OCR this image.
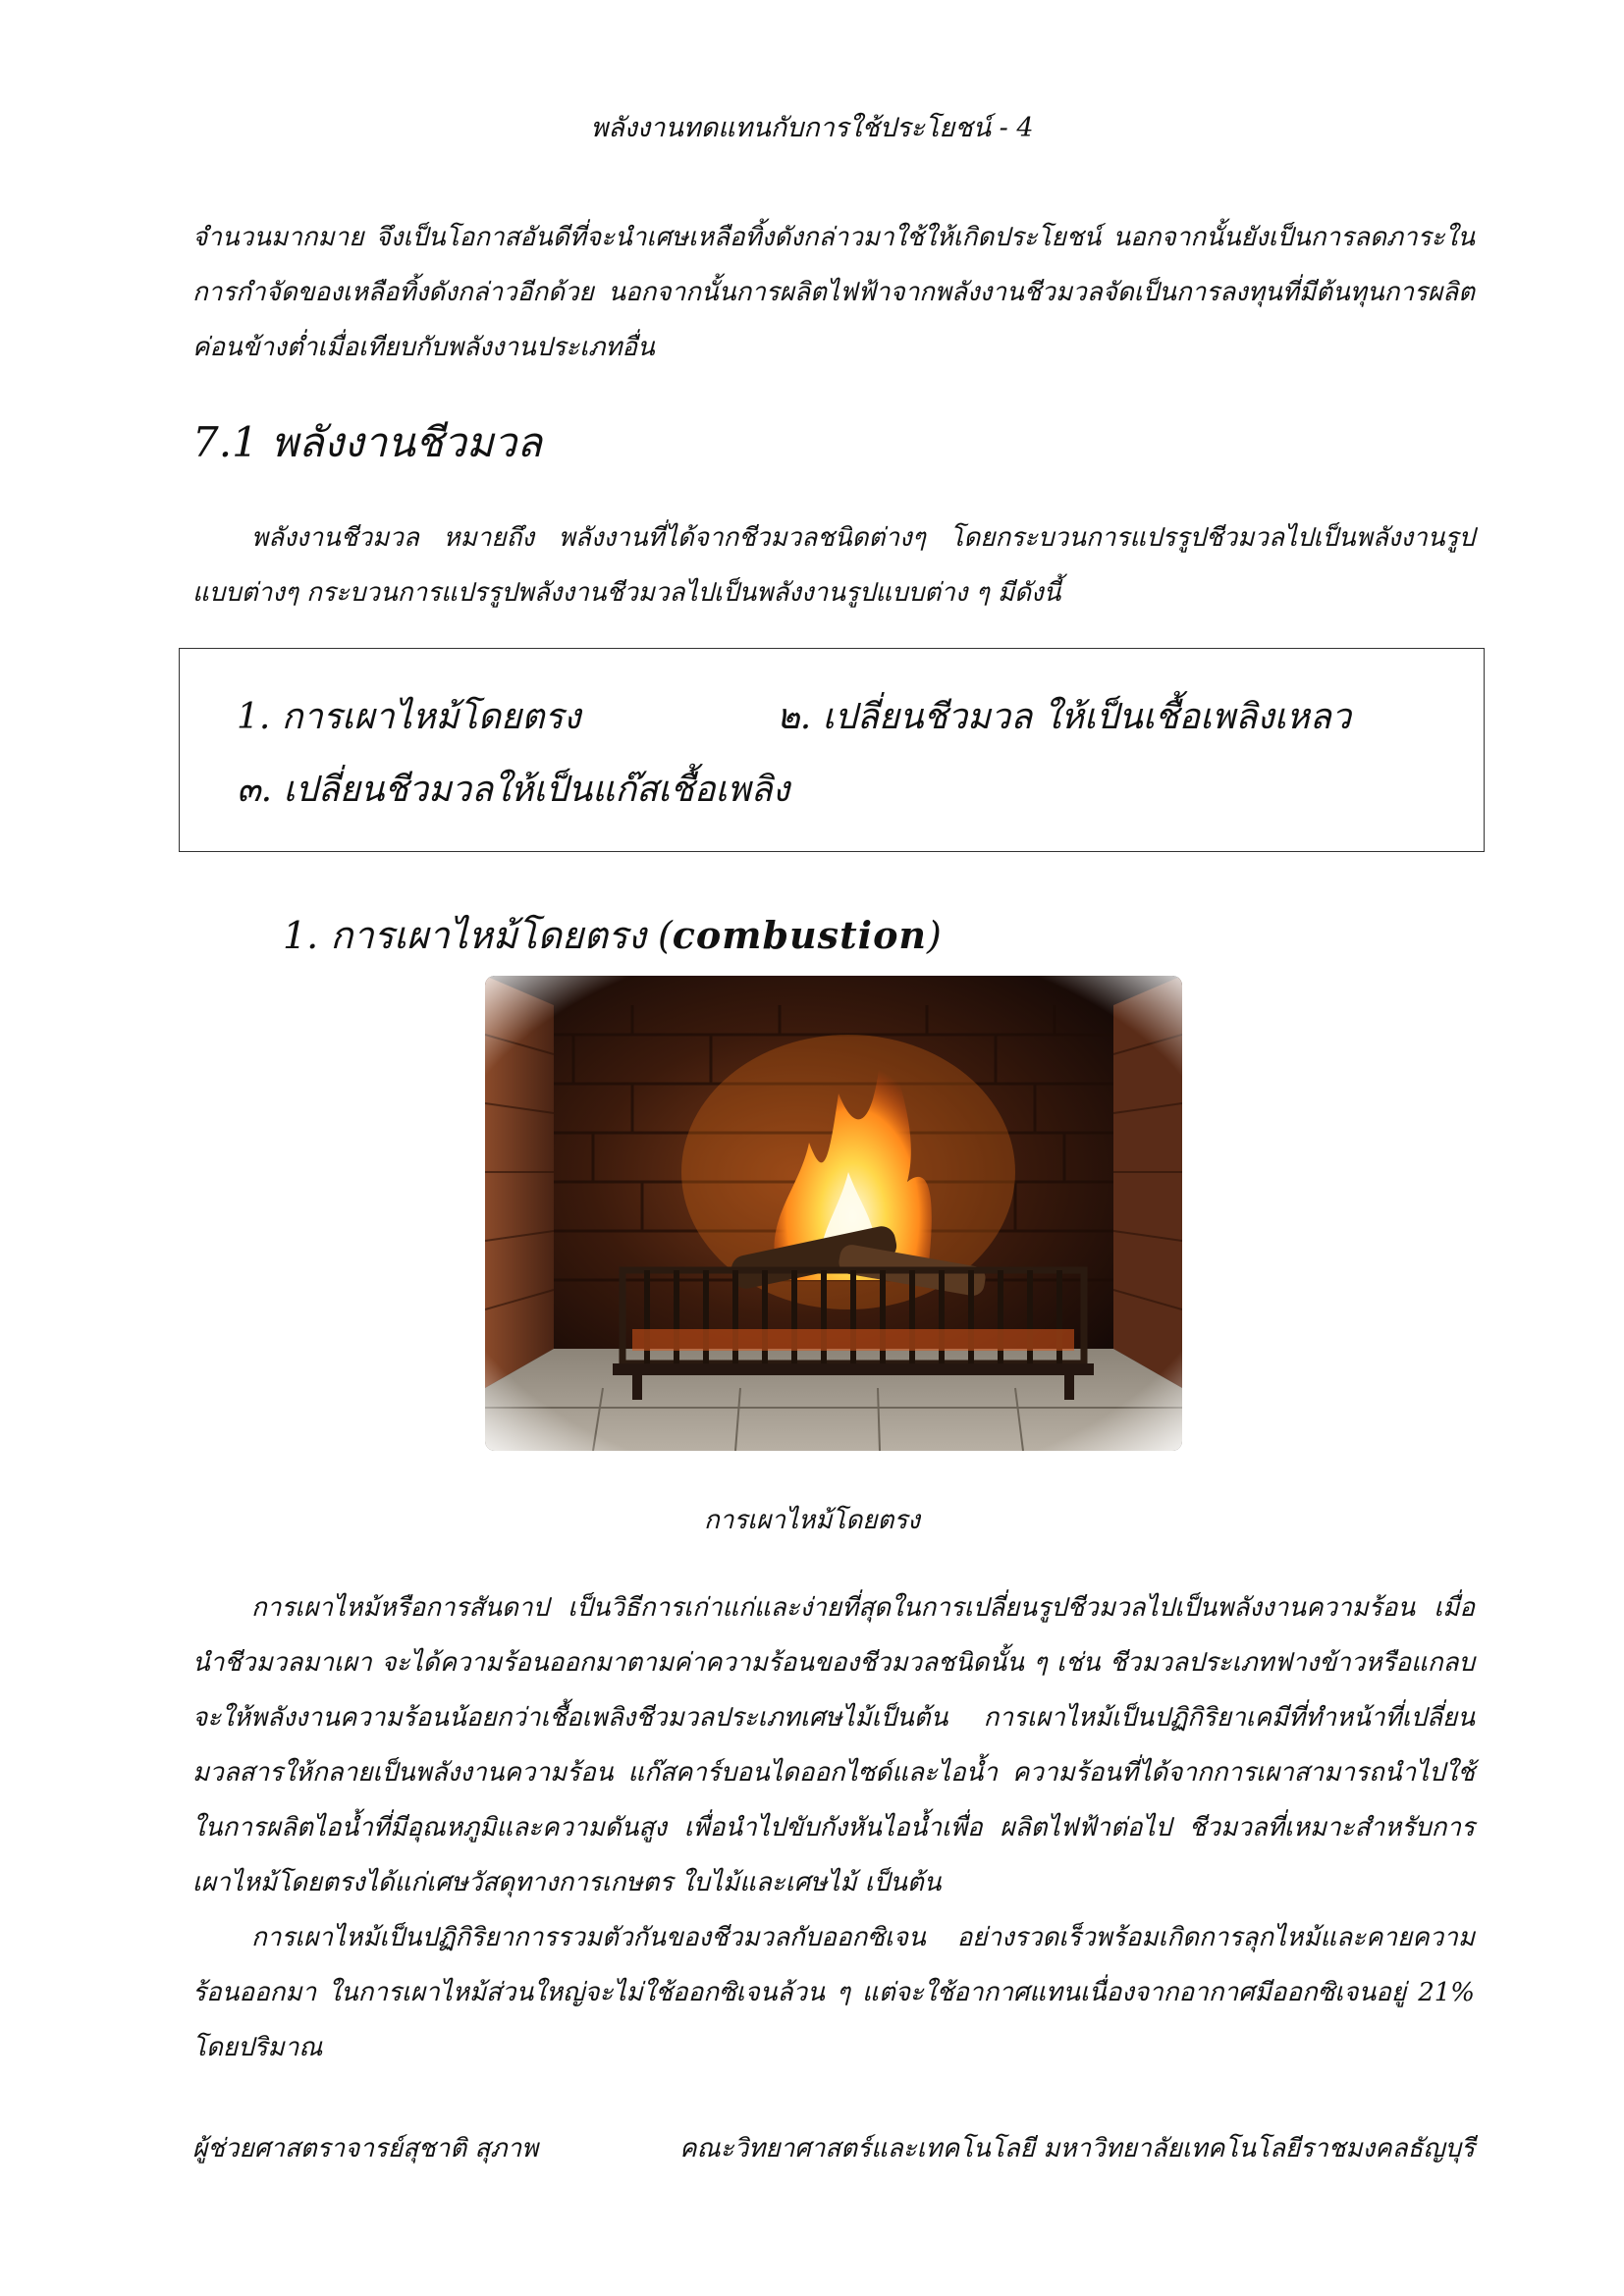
พลังงานทดแทนกับการใช้ประโยชน์ - 4

จำนวนมากมาย จึงเป็นโอกาสอันดีที่จะนำเศษเหลือทิ้งดังกล่าวมาใช้ให้เกิดประโยชน์ นอกจากนั้นยังเป็นการลดภาระในการกำจัดของเหลือทิ้งดังกล่าวอีกด้วย นอกจากนั้นการผลิตไฟฟ้าจากพลังงานชีวมวลจัดเป็นการลงทุนที่มีต้นทุนการผลิตค่อนข้างต่ำเมื่อเทียบกับพลังงานประเภทอื่น

7.1 พลังงานชีวมวล

พลังงานชีวมวล หมายถึง พลังงานที่ได้จากชีวมวลชนิดต่างๆ โดยกระบวนการแปรรูปชีวมวลไปเป็นพลังงานรูปแบบต่างๆ กระบวนการแปรรูปพลังงานชีวมวลไปเป็นพลังงานรูปแบบต่าง ๆ มีดังนี้

1. การเผาไหม้โดยตรง	๒. เปลี่ยนชีวมวล ให้เป็นเชื้อเพลิงเหลว
๓. เปลี่ยนชีวมวลให้เป็นแก๊สเชื้อเพลิง
1. การเผาไหม้โดยตรง (combustion)
การเผาไหม้โดยตรง

การเผาไหม้หรือการสันดาป เป็นวิธีการเก่าแก่และง่ายที่สุดในการเปลี่ยนรูปชีวมวลไปเป็นพลังงานความร้อน เมื่อนำชีวมวลมาเผา จะได้ความร้อนออกมาตามค่าความร้อนของชีวมวลชนิดนั้น ๆ เช่น ชีวมวลประเภทฟางข้าวหรือแกลบจะให้พลังงานความร้อนน้อยกว่าเชื้อเพลิงชีวมวลประเภทเศษไม้เป็นต้น การเผาไหม้เป็นปฏิกิริยาเคมีที่ทำหน้าที่เปลี่ยนมวลสารให้กลายเป็นพลังงานความร้อน แก๊สคาร์บอนไดออกไซด์และไอน้ำ ความร้อนที่ได้จากการเผาสามารถนำไปใช้ในการผลิตไอน้ำที่มีอุณหภูมิและความดันสูง เพื่อนำไปขับกังหันไอน้ำเพื่อ ผลิตไฟฟ้าต่อไป ชีวมวลที่เหมาะสำหรับการเผาไหม้โดยตรงได้แก่เศษวัสดุทางการเกษตร ใบไม้และเศษไม้ เป็นต้น

การเผาไหม้เป็นปฏิกิริยาการรวมตัวกันของชีวมวลกับออกซิเจน อย่างรวดเร็วพร้อมเกิดการลุกไหม้และคายความร้อนออกมา ในการเผาไหม้ส่วนใหญ่จะไม่ใช้ออกซิเจนล้วน ๆ แต่จะใช้อากาศแทนเนื่องจากอากาศมีออกซิเจนอยู่ 21% โดยปริมาณ

ผู้ช่วยศาสตราจารย์สุชาติ สุภาพ	คณะวิทยาศาสตร์และเทคโนโลยี มหาวิทยาลัยเทคโนโลยีราชมงคลธัญบุรี
